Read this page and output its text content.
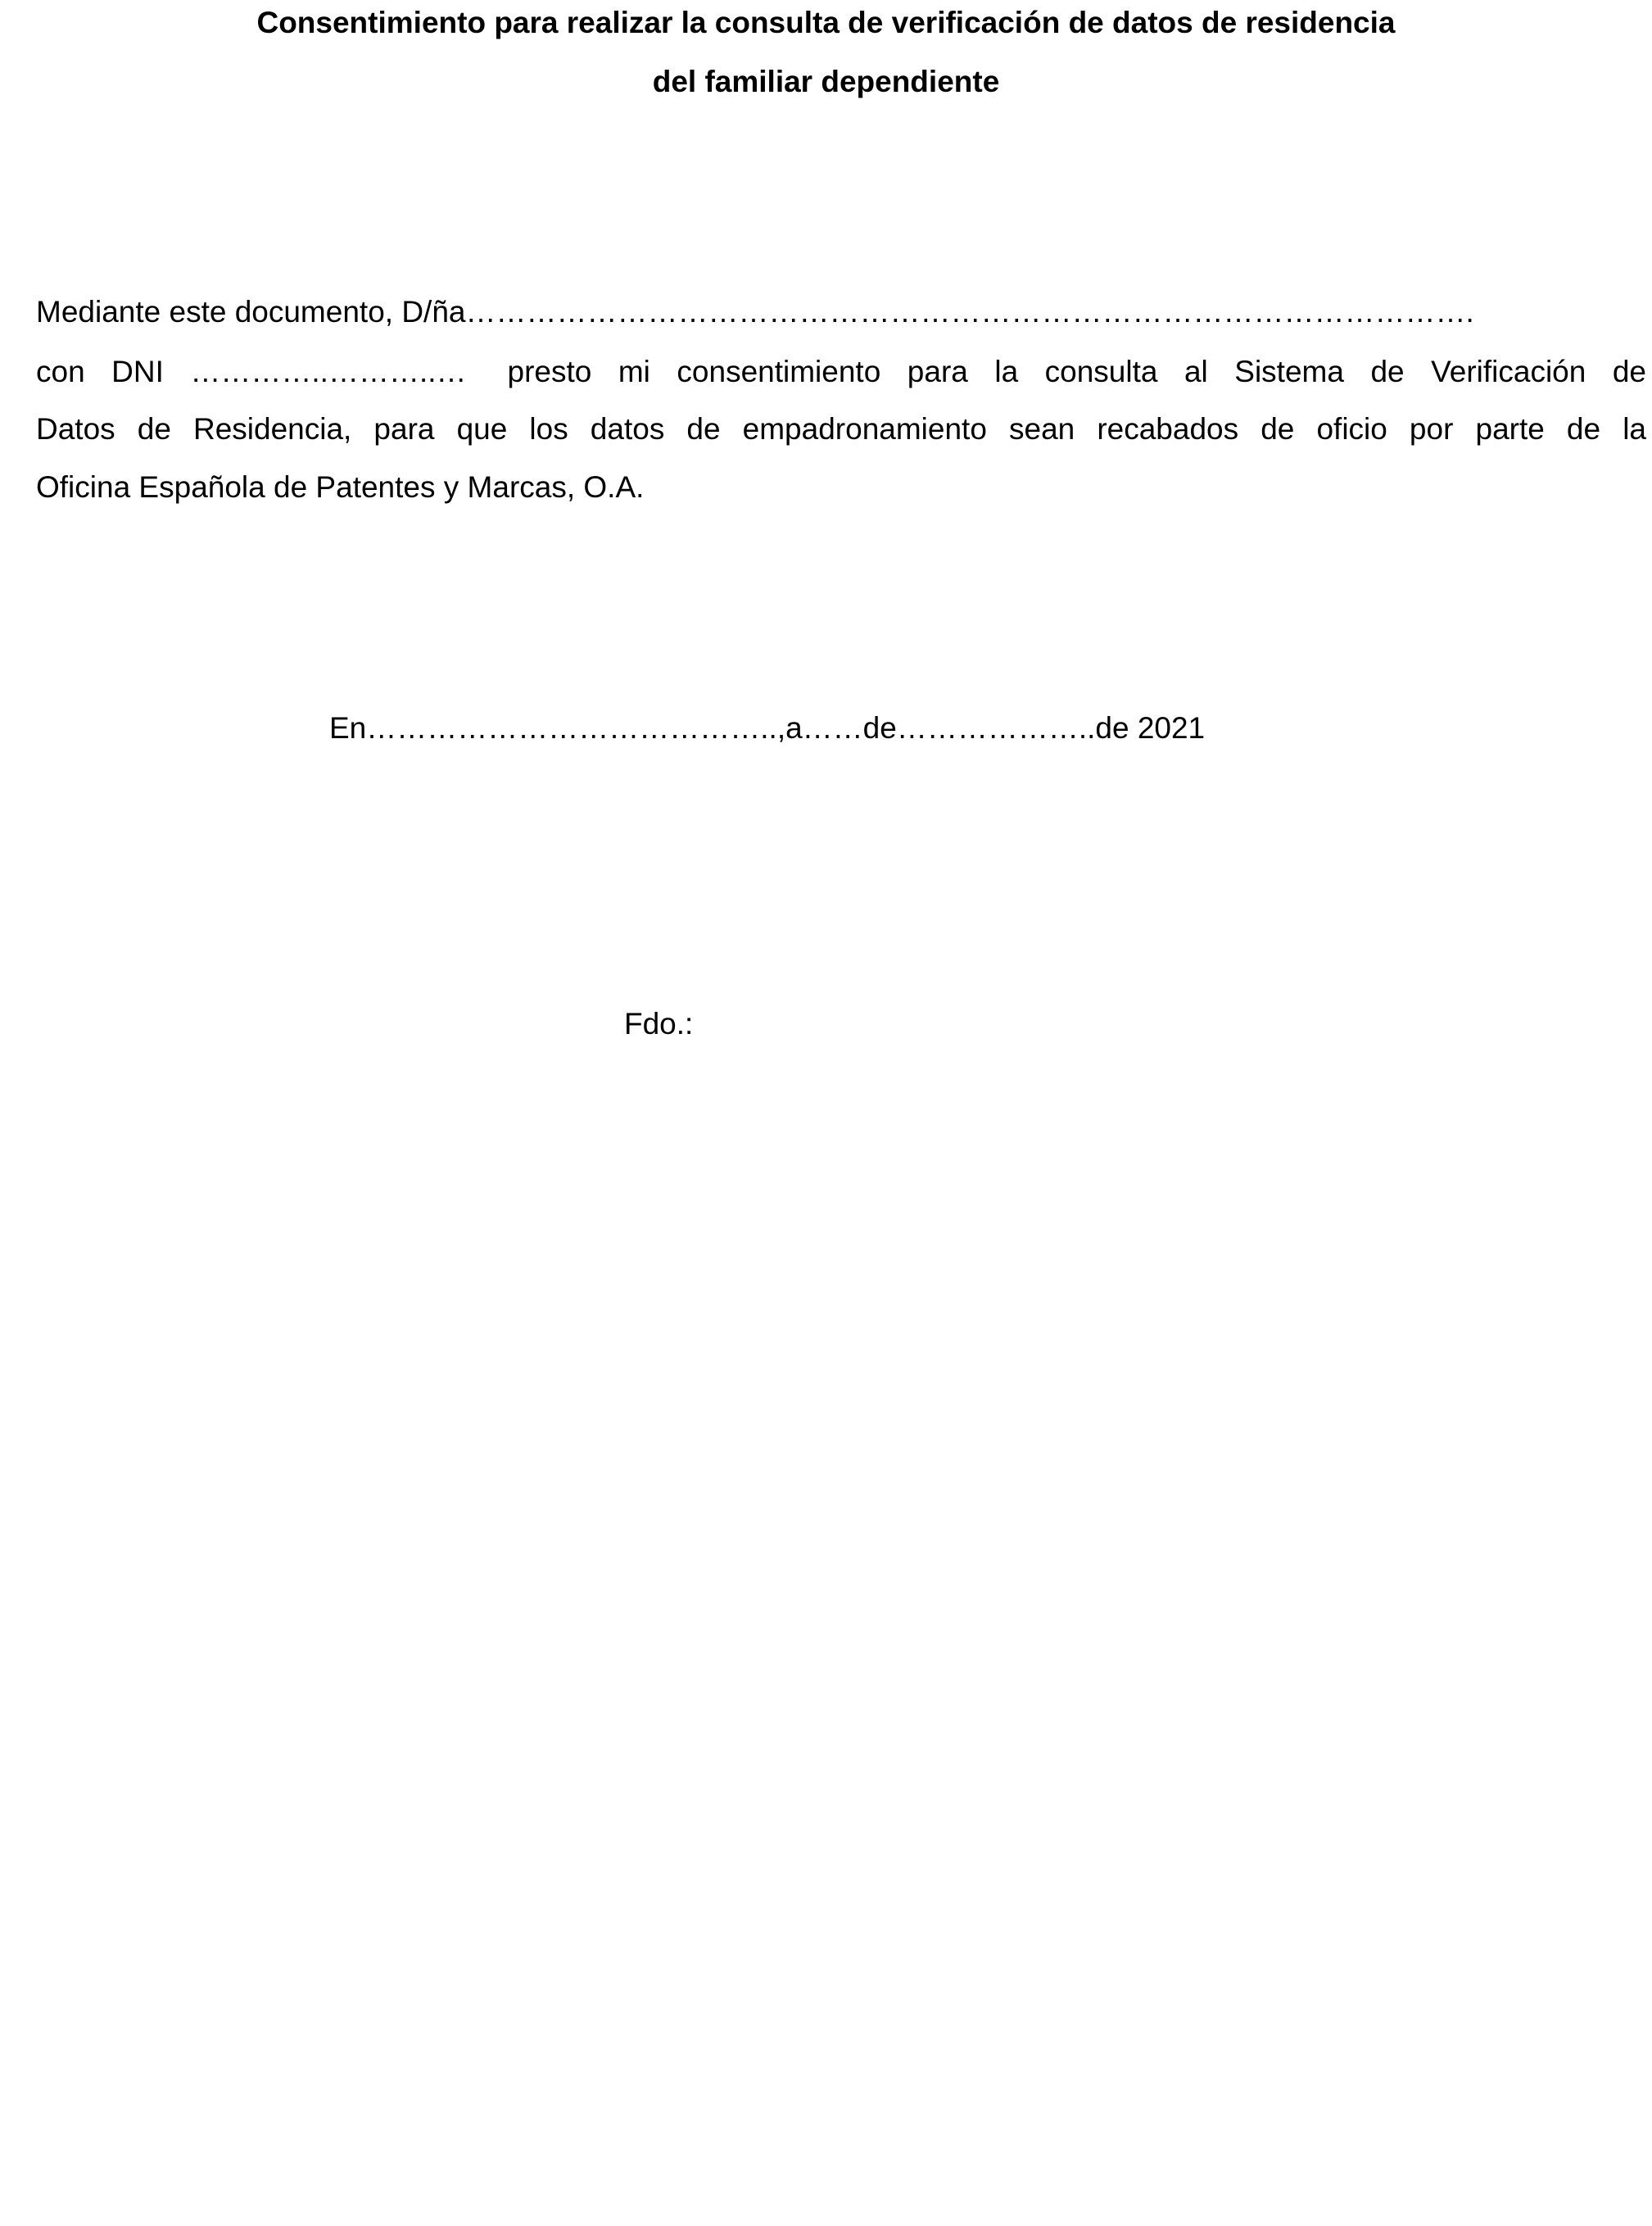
Consentimiento para realizar la consulta de verificación de datos de residencia
del familiar dependiente
Mediante este documento, D/ña……………………………………………………………………………………….
con DNI …………..………..… presto mi consentimiento para la consulta al Sistema de Verificación de
Datos de Residencia, para que los datos de empadronamiento sean recabados de oficio por parte de la
Oficina Española de Patentes y Marcas, O.A.
En…………………………………..,a……de………………..de 2021
Fdo.:
